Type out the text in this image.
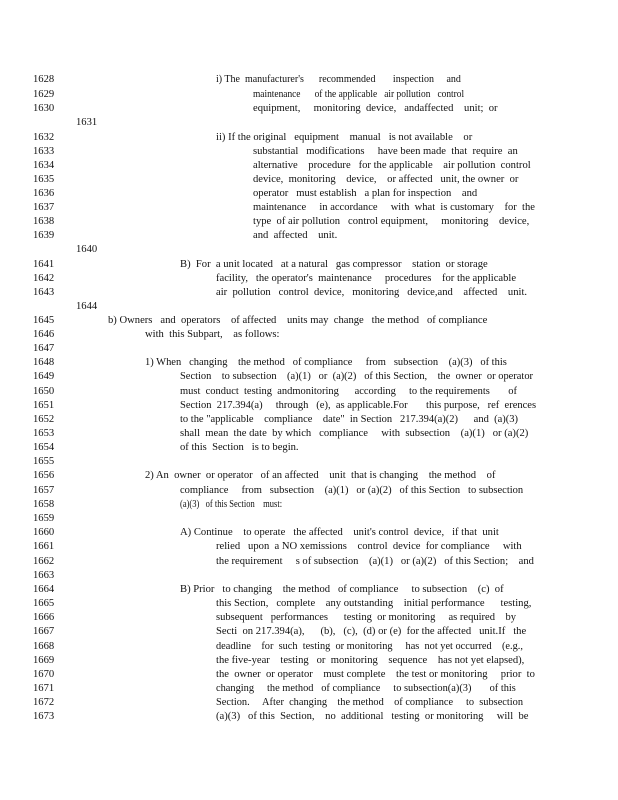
1628	i) The  manufacturer's      recommended       inspection     and
1629	maintenance      of the applicable   air pollution   control
1630	equipment,     monitoring  device,   andaffected    unit;  or
1631
1632	ii) If the original   equipment    manual   is not available    or
1633	substantial   modifications     have been made  that  require  an
1634	alternative    procedure   for the applicable    air pollution  control
1635	device,  monitoring    device,    or affected   unit, the owner  or
1636	operator   must establish   a plan for inspection    and
1637	maintenance     in accordance     with  what  is customary    for  the
1638	type  of air pollution   control equipment,     monitoring    device,
1639	and  affected    unit.
1640
1641	B)  For  a unit located   at a natural   gas compressor    station  or storage
1642	facility,   the operator's  maintenance     procedures    for the applicable
1643	air  pollution   control  device,   monitoring   device,and    affected    unit.
1644
1645	b) Owners   and  operators    of affected    units may  change   the method   of compliance
1646	with  this Subpart,    as follows:
1647
1648	1) When   changing    the method   of compliance     from   subsection    (a)(3)   of this
1649	Section    to subsection    (a)(1)   or  (a)(2)   of this Section,    the  owner  or operator
1650	must  conduct  testing  andmonitoring      according     to the requirements       of
1651	Section  217.394(a)     through   (e),  as applicable.For       this purpose,   ref  erences
1652	to the "applicable    compliance    date"  in Section   217.394(a)(2)      and  (a)(3)
1653	shall  mean  the date  by which   compliance     with  subsection    (a)(1)   or (a)(2)
1654	of this  Section   is to begin.
1655
1656	2) An  owner  or operator   of an affected    unit  that is changing    the method    of
1657	compliance     from   subsection    (a)(1)   or (a)(2)   of this Section   to subsection
1658	(a)(3)   of this Section    must:
1659
1660	A) Continue    to operate   the affected    unit's control  device,   if that  unit
1661	relied   upon  a NO xemissions    control  device  for compliance     with
1662	the requirement     s of subsection    (a)(1)   or (a)(2)   of this Section;    and
1663
1664	B) Prior   to changing    the method   of compliance     to subsection    (c)  of
1665	this Section,   complete    any outstanding    initial performance      testing,
1666	subsequent   performances      testing  or monitoring     as required    by
1667	Secti  on 217.394(a),      (b),   (c),  (d) or (e)  for the affected   unit.If   the
1668	deadline    for  such  testing  or monitoring     has  not yet occurred    (e.g.,
1669	the five-year    testing   or  monitoring    sequence    has not yet elapsed),
1670	the  owner  or operator    must complete    the test or monitoring     prior  to
1671	changing     the method   of compliance     to subsection(a)(3)       of this
1672	Section.     After  changing    the method    of compliance     to  subsection
1673	(a)(3)   of this  Section,    no  additional   testing  or monitoring     will  be
